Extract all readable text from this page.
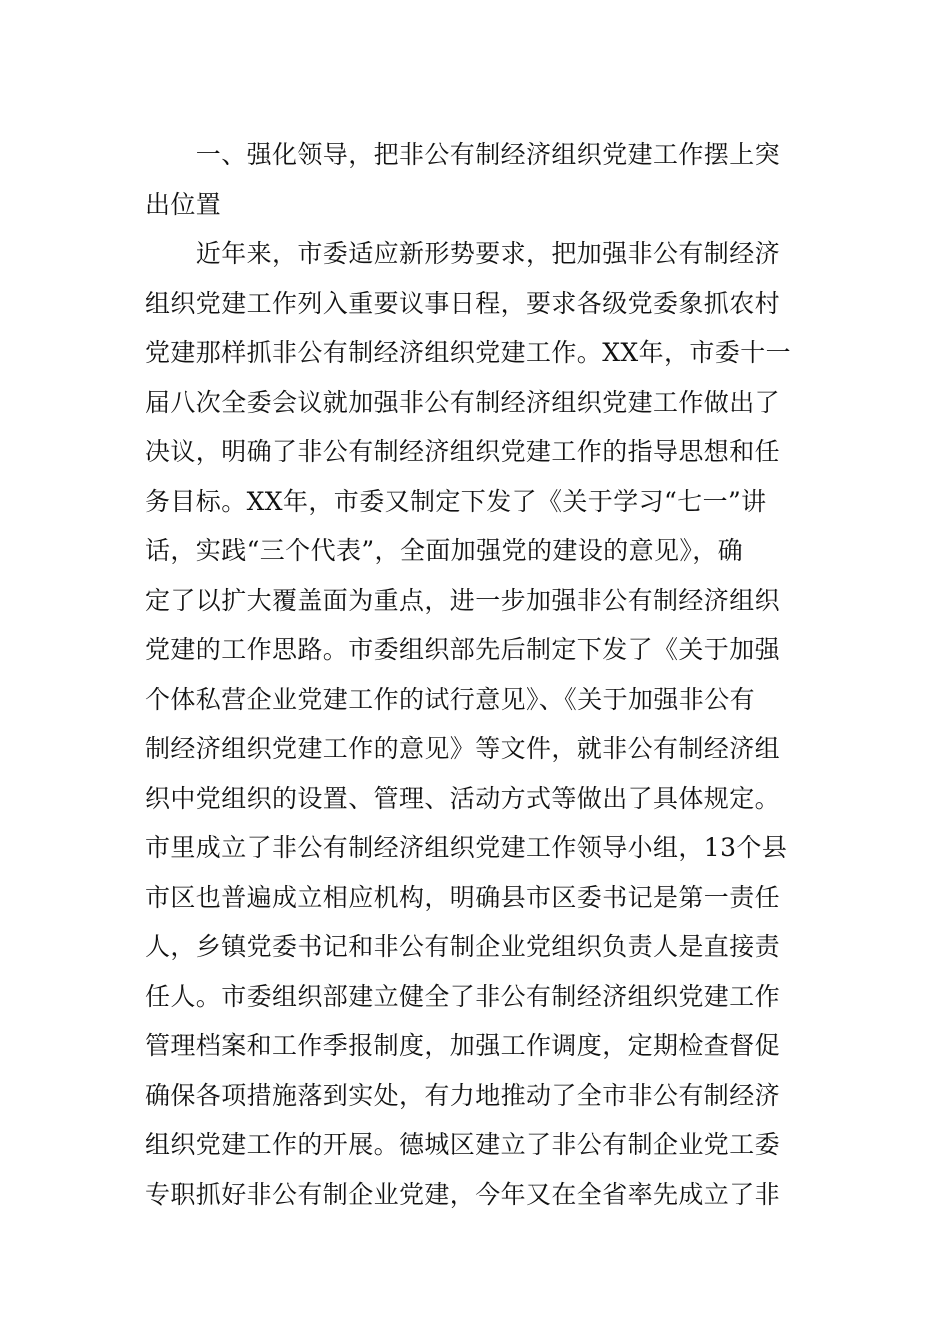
　　一、强化领导，把非公有制经济组织党建工作摆上突
出位置
　　近年来，市委适应新形势要求，把加强非公有制经济
组织党建工作列入重要议事日程，要求各级党委象抓农村
党建那样抓非公有制经济组织党建工作。XX年，市委十一
届八次全委会议就加强非公有制经济组织党建工作做出了
决议，明确了非公有制经济组织党建工作的指导思想和任
务目标。XX年，市委又制定下发了《关于学习“七一”讲
话，实践“三个代表”，全面加强党的建设的意见》，确
定了以扩大覆盖面为重点，进一步加强非公有制经济组织
党建的工作思路。市委组织部先后制定下发了《关于加强
个体私营企业党建工作的试行意见》、《关于加强非公有
制经济组织党建工作的意见》等文件，就非公有制经济组
织中党组织的设置、管理、活动方式等做出了具体规定。
市里成立了非公有制经济组织党建工作领导小组，13个县
市区也普遍成立相应机构，明确县市区委书记是第一责任
人，乡镇党委书记和非公有制企业党组织负责人是直接责
任人。市委组织部建立健全了非公有制经济组织党建工作
管理档案和工作季报制度，加强工作调度，定期检查督促
确保各项措施落到实处，有力地推动了全市非公有制经济
组织党建工作的开展。德城区建立了非公有制企业党工委
专职抓好非公有制企业党建，今年又在全省率先成立了非
